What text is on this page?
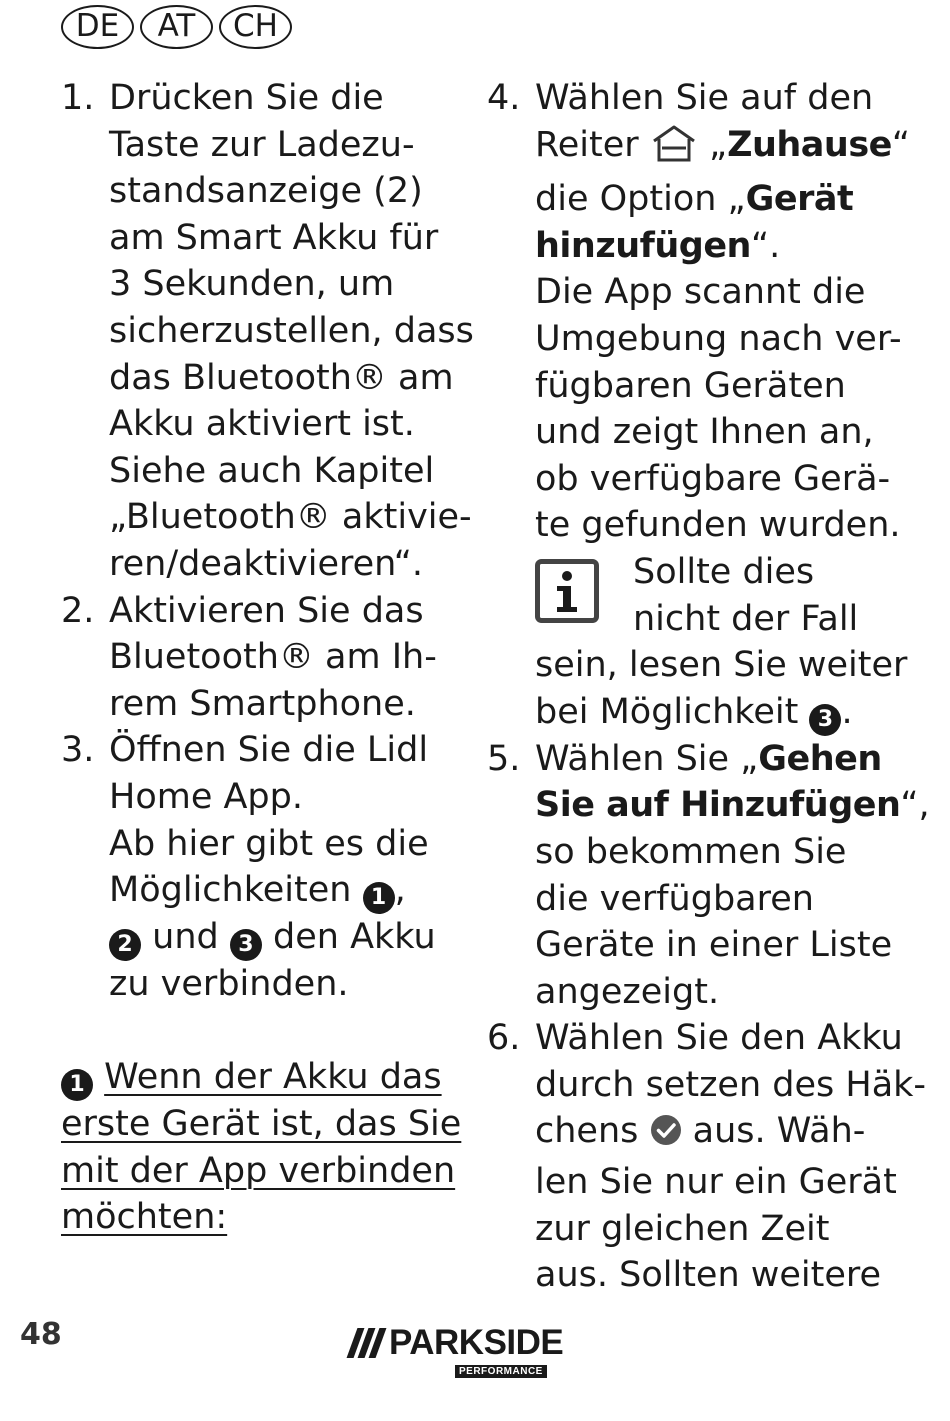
DE	AT	CH
1. Drücken Sie die
Taste zur Ladezu-
standsanzeige (2)
am Smart Akku für
3 Sekunden, um
sicherzustellen, dass
das Bluetooth® am
Akku aktiviert ist.
Siehe auch Kapitel
„Bluetooth® aktivie-
ren/deaktivieren“.
2. Aktivieren Sie das
Bluetooth® am Ih-
rem Smartphone.
3. Öffnen Sie die Lidl
Home App.
Ab hier gibt es die
Möglichkeiten 1 ,
2 und 3 den Akku
zu verbinden.
1 Wenn der Akku das
erste Gerät ist, das Sie
mit der App verbinden
möchten:
4. Wählen Sie auf den
Reiter „Zuhause“
die Option „Gerät
hinzufügen“.
Die App scannt die
Umgebung nach ver-
fügbaren Geräten
und zeigt Ihnen an,
ob verfügbare Gerä-
te gefunden wurden.
Sollte dies
nicht der Fall
sein, lesen Sie weiter
bei Möglichkeit 3 .
5. Wählen Sie „Gehen
Sie auf Hinzufügen“,
so bekommen Sie
die verfügbaren
Geräte in einer Liste
angezeigt.
6. Wählen Sie den Akku
durch setzen des Häk-
chens aus. Wäh-
len Sie nur ein Gerät
zur gleichen Zeit
aus. Sollten weitere
48	PARKSIDE
PERFORMANCE
